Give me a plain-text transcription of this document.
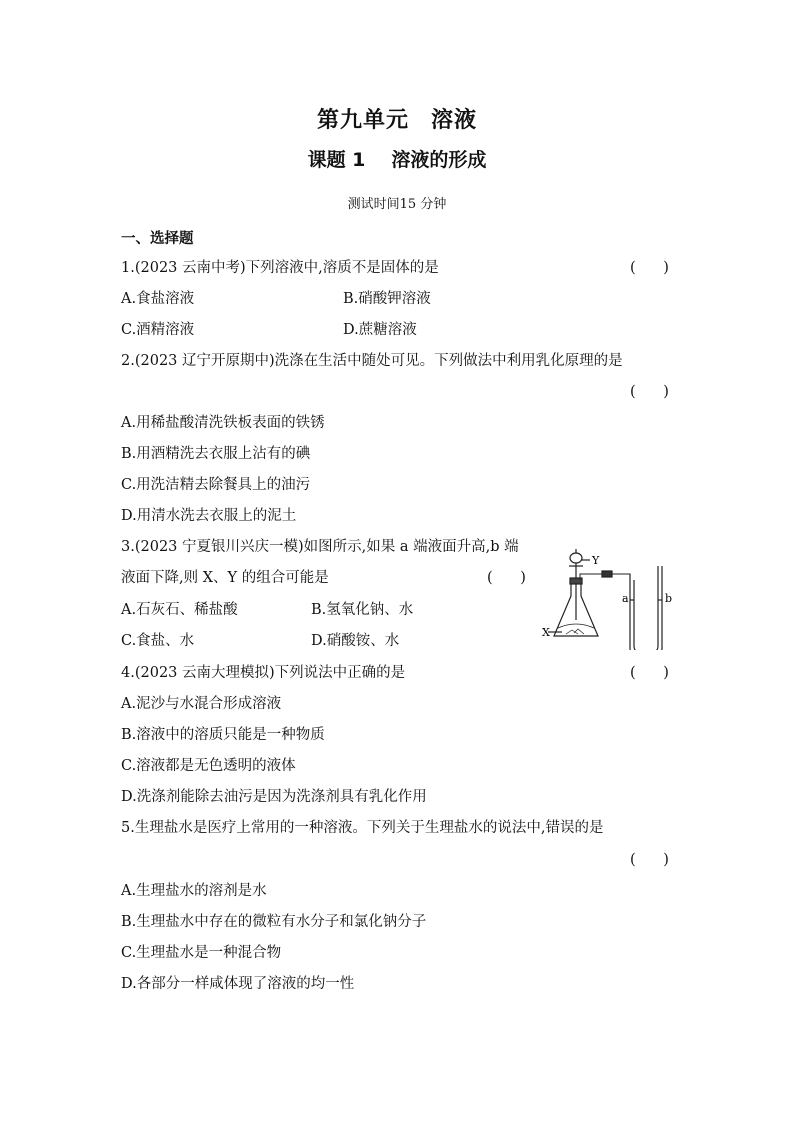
第九单元 溶液
课题 1 溶液的形成
测试时间15 分钟
一、选择题
1.(2023 云南中考)下列溶液中,溶质不是固体的是	(      )
A.食盐溶液	B.硝酸钾溶液
C.酒精溶液	D.蔗糖溶液
2.(2023 辽宁开原期中)洗涤在生活中随处可见。下列做法中利用乳化原理的是
(      )
A.用稀盐酸清洗铁板表面的铁锈
B.用酒精洗去衣服上沾有的碘
C.用洗洁精去除餐具上的油污
D.用清水洗去衣服上的泥土
3.(2023 宁夏银川兴庆一模)如图所示,如果 a 端液面升高,b 端
液面下降,则 X、Y 的组合可能是	(      )
A.石灰石、稀盐酸	B.氢氧化钠、水
C.食盐、水	D.硝酸铵、水
Y
X
a	b
4.(2023 云南大理模拟)下列说法中正确的是	(      )
A.泥沙与水混合形成溶液
B.溶液中的溶质只能是一种物质
C.溶液都是无色透明的液体
D.洗涤剂能除去油污是因为洗涤剂具有乳化作用
5.生理盐水是医疗上常用的一种溶液。下列关于生理盐水的说法中,错误的是
(      )
A.生理盐水的溶剂是水
B.生理盐水中存在的微粒有水分子和氯化钠分子
C.生理盐水是一种混合物
D.各部分一样咸体现了溶液的均一性
